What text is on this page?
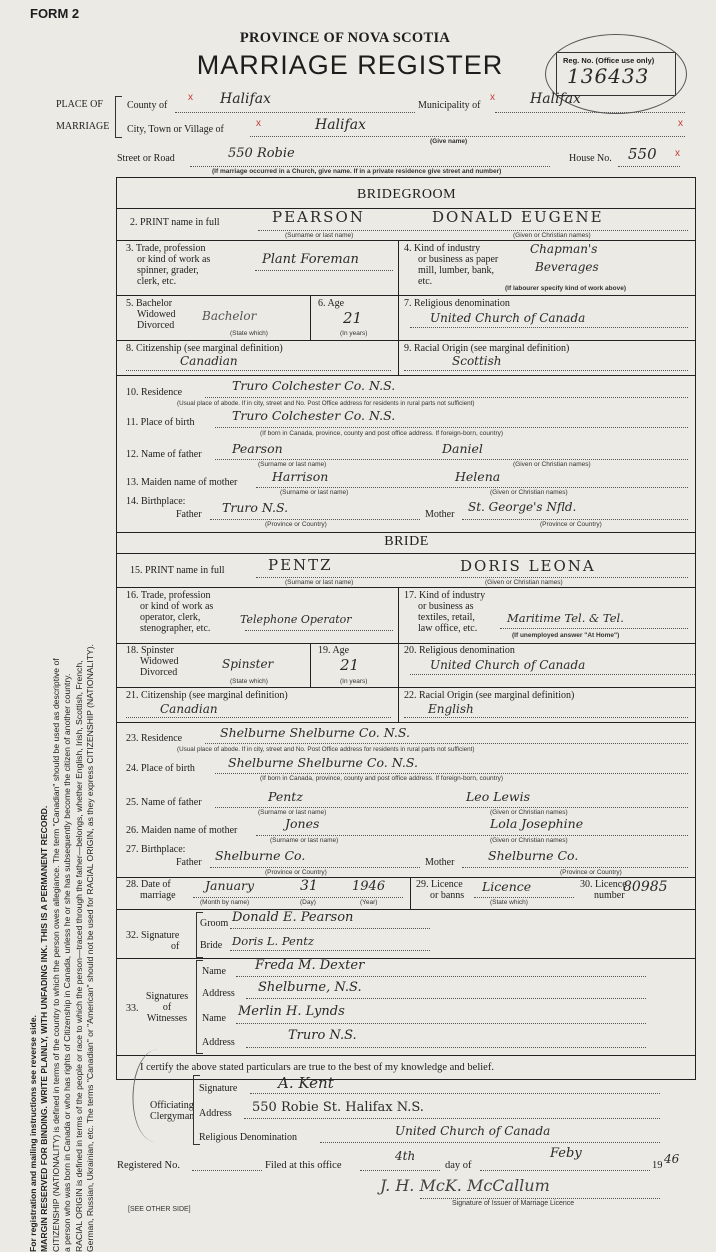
For registration and mailing instructions see reverse side. MARGIN RESERVED FOR BINDING. WRITE PLAINLY, WITH UNFADING INK. THIS IS A PERMANENT RECORD. CITIZENSHIP (NATIONALITY) is defined in terms of the country to which the person owes allegiance. The term "Canadian" should be used as descriptive of a person who was born in Canada or who has rights of Citizenship in Canada, unless he or she has subsequently become the citizen of another country. RACIAL ORIGIN is defined in terms of the people or race to which the person—traced through the father—belongs, whether English, Irish, Scottish, French, German, Russian, Ukrainian, etc. The terms "Canadian" or "American" should not be used for RACIAL ORIGIN, as they express CITIZENSHIP (NATIONALITY).
FORM 2
PROVINCE OF NOVA SCOTIA
MARRIAGE REGISTER	Reg. No. (Office use only)
136433
PLACE OF
MARRIAGE
County of
x Halifax	Municipality of
x	Halifax
City, Town or Village of
x	Halifax	x
(Give name)
Street or Road	550 Robie	House No. 550 x
(If marriage occurred in a Church, give name. If in a private residence give street and number)
BRIDEGROOM
2. PRINT name in full	PEARSON	DONALD EUGENE
(Surname or last name)	(Given or Christian names)
3. Trade, profession
or kind of work as
spinner, grader,
clerk, etc.
Plant Foreman
4. Kind of industry
or business as paper
mill, lumber, bank,
etc.
Chapman's
Beverages
(If labourer specify kind of work above)
5. Bachelor
Widowed
Divorced
Bachelor
(State which)
6. Age
21
(In years)
7. Religious denomination
United Church of Canada
8. Citizenship (see marginal definition)
Canadian
9. Racial Origin (see marginal definition)
Scottish
10. Residence	Truro Colchester Co. N.S.
(Usual place of abode. If in city, street and No. Post Office address for residents in rural parts not sufficient)
11. Place of birth	Truro Colchester Co. N.S.
(If born in Canada, province, county and post office address. If foreign-born, country)
12. Name of father Pearson	Daniel
(Surname or last name)	(Given or Christian names)
13. Maiden name of mother	Harrison	Helena
(Surname or last name)	(Given or Christian names)
14. Birthplace:
Father Truro N.S.
(Province or Country)
Mother
St. George's Nfld.
(Province or Country)
BRIDE
15. PRINT name in full	PENTZ	DORIS LEONA
(Surname or last name)	(Given or Christian names)
16. Trade, profession
or kind of work as
operator, clerk,
stenographer, etc.
Telephone Operator
17. Kind of industry
or business as
textiles, retail,
law office, etc.
Maritime Tel. & Tel.
(If unemployed answer "At Home")
18. Spinster
Widowed
Divorced
Spinster
(State which)
19. Age
21
(In years)
20. Religious denomination
United Church of Canada
21. Citizenship (see marginal definition)
Canadian
22. Racial Origin (see marginal definition)
English
23. Residence	Shelburne Shelburne Co. N.S.
(Usual place of abode. If in city, street and No. Post Office address for residents in rural parts not sufficient)
24. Place of birth	Shelburne Shelburne Co. N.S.
(If born in Canada, province, county and post office address. If foreign-born, country)
25. Name of father	Pentz	Leo Lewis
(Surname or last name)	(Given or Christian names)
26. Maiden name of mother	Jones	Lola Josephine
(Surname or last name)	(Given or Christian names)
27. Birthplace:
Father Shelburne Co.
(Province or Country)
Mother	Shelburne Co.
(Province or Country)
28. Date of
marriage
January	31	1946
(Month by name)	(Day)	(Year)
29. Licence
or banns
Licence
(State which)
30. Licence
number
80985
32. Signature
of
Groom Donald E. Pearson
Bride Doris L. Pentz
33.
Signatures
of
Witnesses
Name Freda M. Dexter
Address Shelburne, N.S.
Name Merlin H. Lynds
Address	Truro N.S.
I certify the above stated particulars are true to the best of my knowledge and belief.
Officiating
Clergyman
Signature	A. Kent
Address 550 Robie St. Halifax N.S.
Religious Denomination	United Church of Canada
Registered No.	Filed at this office
4th
day of
Feby
19 46
J. H. McK. McCallum
Signature of Issuer of Marriage Licence
[SEE OTHER SIDE]
